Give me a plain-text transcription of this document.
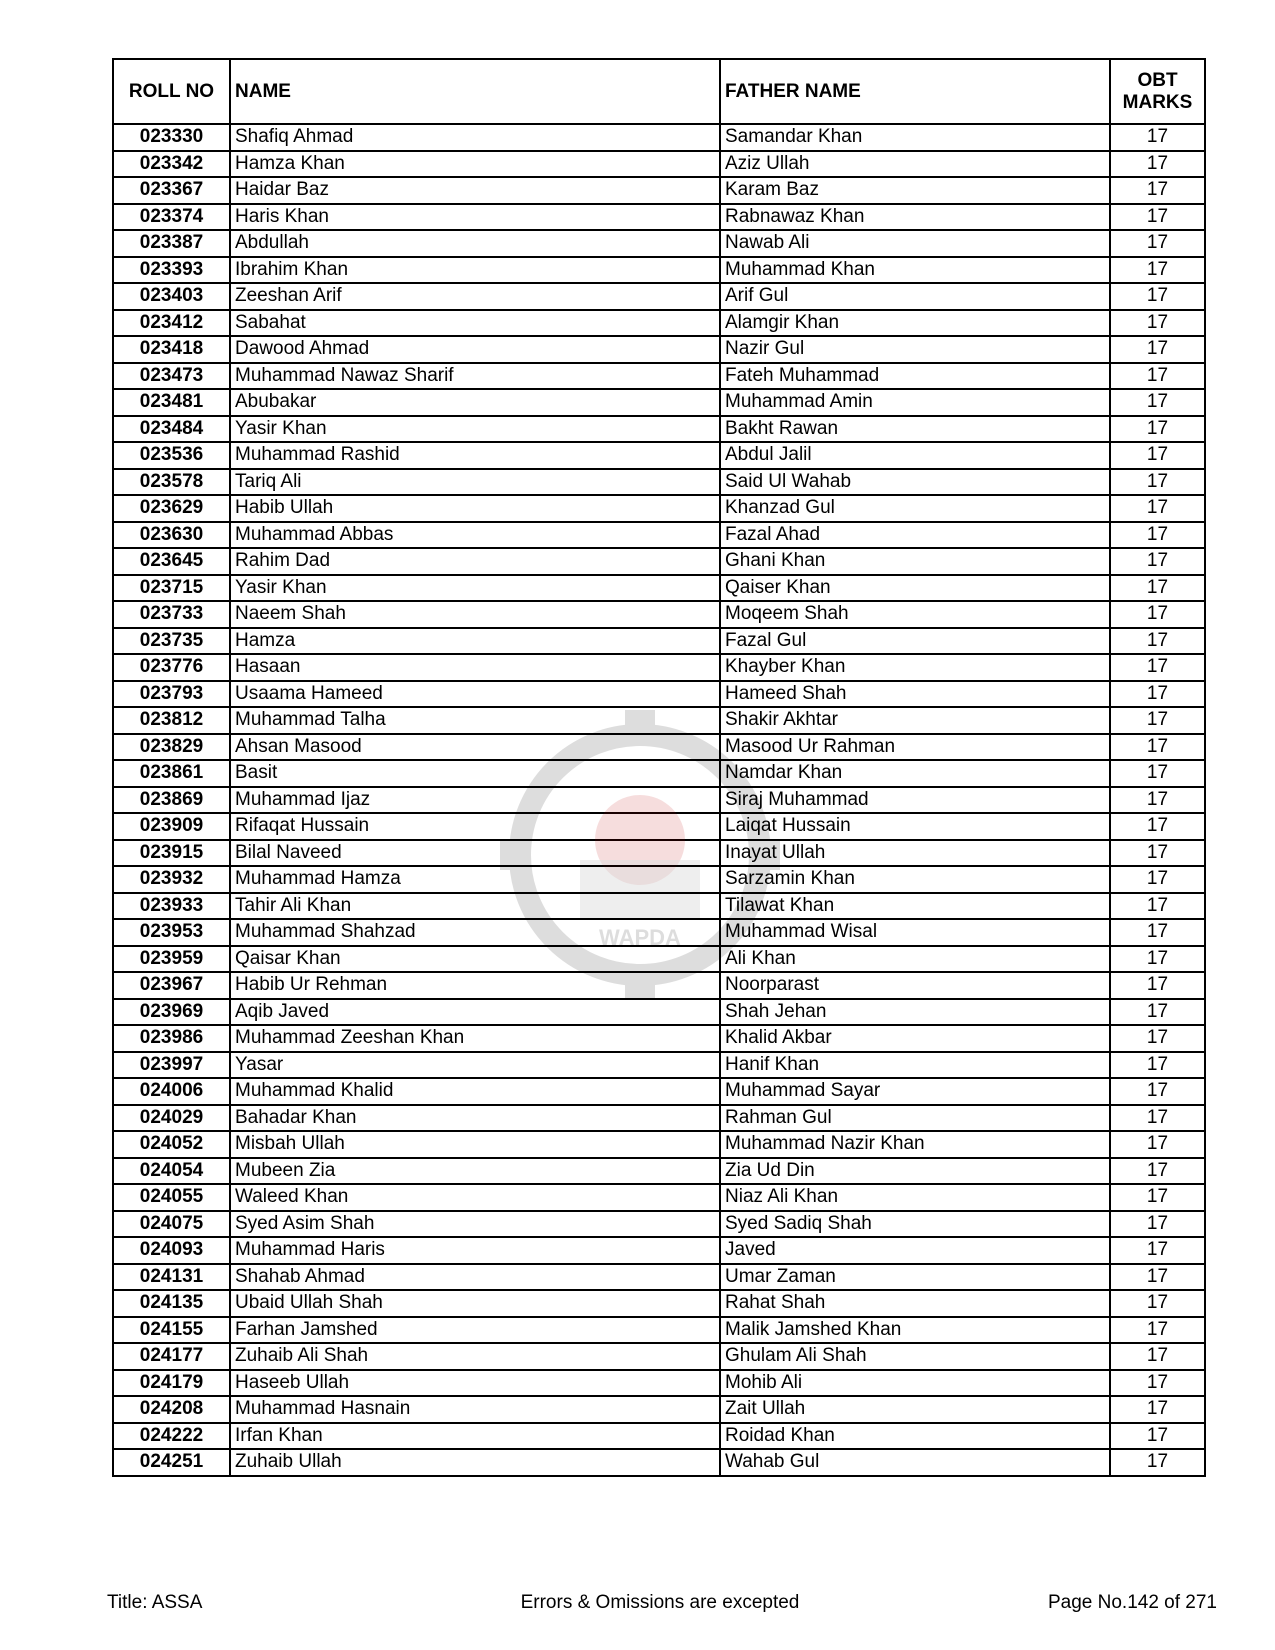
ROLL NO	NAME	FATHER NAME	OBT
MARKS
023330	Shafiq Ahmad	Samandar Khan	17
023342	Hamza Khan	Aziz Ullah	17
023367	Haidar Baz	Karam Baz	17
023374	Haris Khan	Rabnawaz Khan	17
023387	Abdullah	Nawab Ali	17
023393	Ibrahim Khan	Muhammad Khan	17
023403	Zeeshan Arif	Arif Gul	17
023412	Sabahat	Alamgir Khan	17
023418	Dawood Ahmad	Nazir Gul	17
023473	Muhammad Nawaz Sharif	Fateh Muhammad	17
023481	Abubakar	Muhammad Amin	17
023484	Yasir Khan	Bakht Rawan	17
023536	Muhammad Rashid	Abdul Jalil	17
023578	Tariq Ali	Said Ul Wahab	17
023629	Habib Ullah	Khanzad Gul	17
023630	Muhammad Abbas	Fazal Ahad	17
023645	Rahim Dad	Ghani Khan	17
023715	Yasir Khan	Qaiser Khan	17
023733	Naeem Shah	Moqeem Shah	17
023735	Hamza	Fazal Gul	17
023776	Hasaan	Khayber Khan	17
023793	Usaama Hameed	Hameed Shah	17
023812	Muhammad Talha	Shakir Akhtar	17
023829	Ahsan Masood	Masood Ur Rahman	17
023861	Basit	Namdar Khan	17
023869	Muhammad Ijaz	Siraj Muhammad	17
023909	Rifaqat Hussain	Laiqat Hussain	17
023915	Bilal Naveed	Inayat Ullah	17
023932	Muhammad Hamza	Sarzamin Khan	17
023933	Tahir Ali Khan	Tilawat Khan	17
023953	Muhammad Shahzad	Muhammad Wisal	17
023959	Qaisar Khan	Ali Khan	17
023967	Habib Ur Rehman	Noorparast	17
023969	Aqib Javed	Shah Jehan	17
023986	Muhammad Zeeshan Khan	Khalid Akbar	17
023997	Yasar	Hanif Khan	17
024006	Muhammad Khalid	Muhammad Sayar	17
024029	Bahadar Khan	Rahman Gul	17
024052	Misbah Ullah	Muhammad Nazir Khan	17
024054	Mubeen Zia	Zia Ud Din	17
024055	Waleed Khan	Niaz Ali Khan	17
024075	Syed Asim Shah	Syed Sadiq Shah	17
024093	Muhammad Haris	Javed	17
024131	Shahab Ahmad	Umar Zaman	17
024135	Ubaid Ullah Shah	Rahat Shah	17
024155	Farhan Jamshed	Malik Jamshed Khan	17
024177	Zuhaib Ali Shah	Ghulam Ali Shah	17
024179	Haseeb Ullah	Mohib Ali	17
024208	Muhammad Hasnain	Zait Ullah	17
024222	Irfan Khan	Roidad Khan	17
024251	Zuhaib Ullah	Wahab Gul	17
WAPDA
PESCO
Title: ASSA	Errors & Omissions are excepted	Page No.142 of 271
